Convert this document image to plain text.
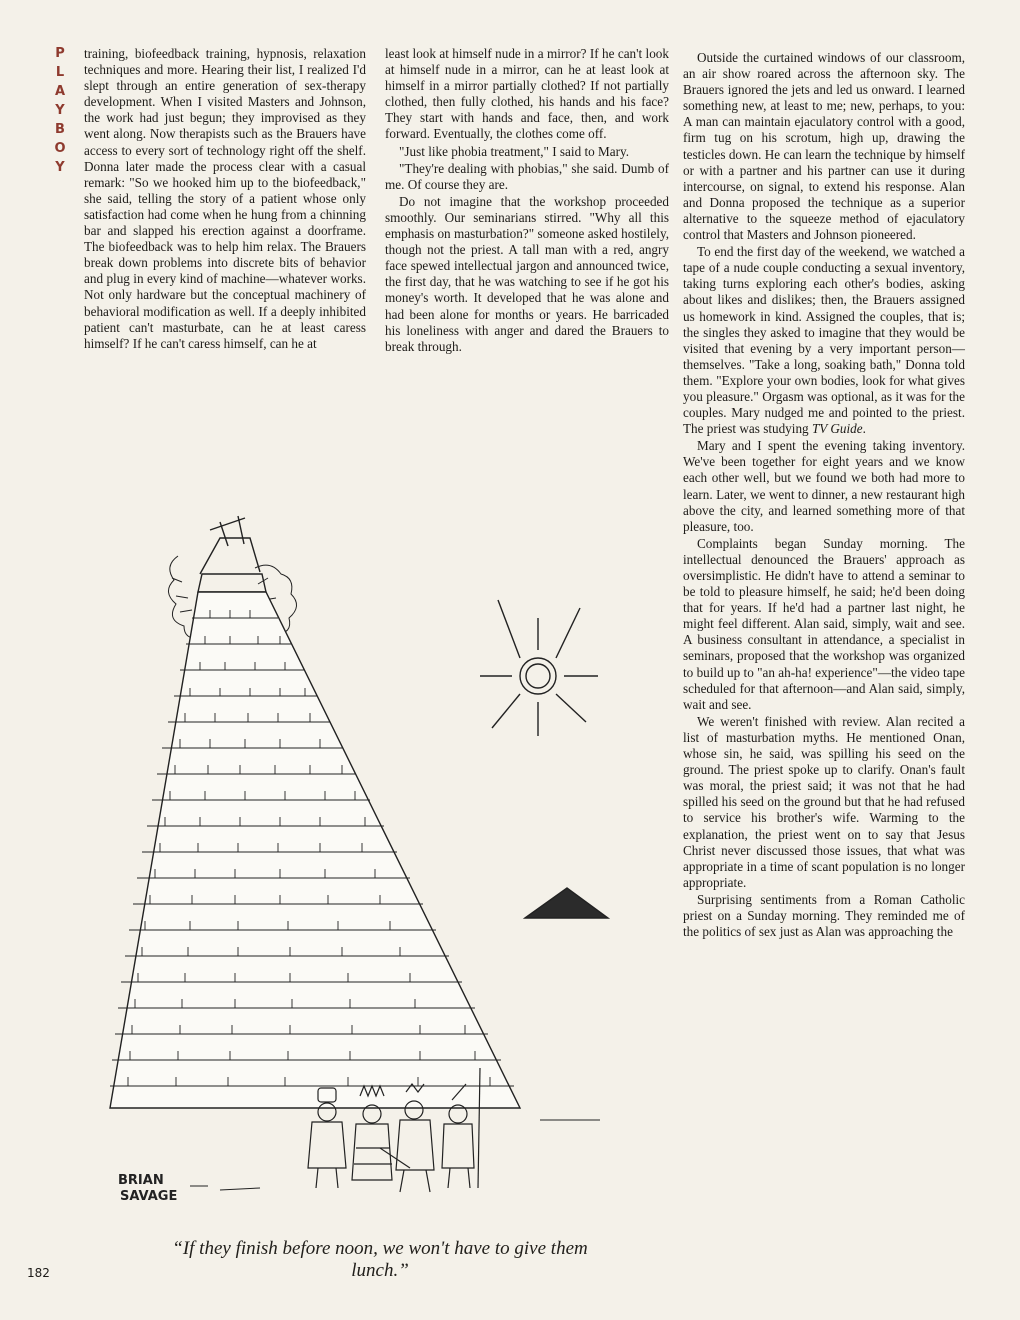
P
L
A
Y
B
O
Y

training, biofeedback training, hypnosis, relaxation techniques and more. Hearing their list, I realized I'd slept through an entire generation of sex-therapy development. When I visited Masters and Johnson, the work had just begun; they improvised as they went along. Now therapists such as the Brauers have access to every sort of technology right off the shelf. Donna later made the process clear with a casual remark: "So we hooked him up to the biofeedback," she said, telling the story of a patient whose only satisfaction had come when he hung from a chinning bar and slapped his erection against a doorframe. The biofeedback was to help him relax. The Brauers break down problems into discrete bits of behavior and plug in every kind of machine—whatever works. Not only hardware but the conceptual machinery of behavioral modification as well. If a deeply inhibited patient can't masturbate, can he at least caress himself? If he can't caress himself, can he at

least look at himself nude in a mirror? If he can't look at himself nude in a mirror, can he at least look at himself in a mirror partially clothed? If not partially clothed, then fully clothed, his hands and his face? They start with hands and face, then, and work forward. Eventually, the clothes come off.

"Just like phobia treatment," I said to Mary.

"They're dealing with phobias," she said. Dumb of me. Of course they are.

Do not imagine that the workshop proceeded smoothly. Our seminarians stirred. "Why all this emphasis on masturbation?" someone asked hostilely, though not the priest. A tall man with a red, angry face spewed intellectual jargon and announced twice, the first day, that he was watching to see if he got his money's worth. It developed that he was alone and had been alone for months or years. He barricaded his loneliness with anger and dared the Brauers to break through.

Outside the curtained windows of our classroom, an air show roared across the afternoon sky. The Brauers ignored the jets and led us onward. I learned something new, at least to me; new, perhaps, to you: A man can maintain ejaculatory control with a good, firm tug on his scrotum, high up, drawing the testicles down. He can learn the technique by himself or with a partner and his partner can use it during intercourse, on signal, to extend his response. Alan and Donna proposed the technique as a superior alternative to the squeeze method of ejaculatory control that Masters and Johnson pioneered.

To end the first day of the weekend, we watched a tape of a nude couple conducting a sexual inventory, taking turns exploring each other's bodies, asking about likes and dislikes; then, the Brauers assigned us homework in kind. Assigned the couples, that is; the singles they asked to imagine that they would be visited that evening by a very important person—themselves. "Take a long, soaking bath," Donna told them. "Explore your own bodies, look for what gives you pleasure." Orgasm was optional, as it was for the couples. Mary nudged me and pointed to the priest. The priest was studying TV Guide.

Mary and I spent the evening taking inventory. We've been together for eight years and we know each other well, but we found we both had more to learn. Later, we went to dinner, a new restaurant high above the city, and learned something more of that pleasure, too.

Complaints began Sunday morning. The intellectual denounced the Brauers' approach as oversimplistic. He didn't have to attend a seminar to be told to pleasure himself, he said; he'd been doing that for years. If he'd had a partner last night, he might feel different. Alan said, simply, wait and see. A business consultant in attendance, a specialist in seminars, proposed that the workshop was organized to build up to "an ah-ha! experience"—the video tape scheduled for that afternoon—and Alan said, simply, wait and see.

We weren't finished with review. Alan recited a list of masturbation myths. He mentioned Onan, whose sin, he said, was spilling his seed on the ground. The priest spoke up to clarify. Onan's fault was moral, the priest said; it was not that he had spilled his seed on the ground but that he had refused to service his brother's wife. Warming to the explanation, the priest went on to say that Jesus Christ never discussed those issues, that what was appropriate in a time of scant population is no longer appropriate.

Surprising sentiments from a Roman Catholic priest on a Sunday morning. They reminded me of the politics of sex just as Alan was approaching the

BRIAN
SAVAGE
“If they finish before noon, we won't have to give them lunch.”
182
